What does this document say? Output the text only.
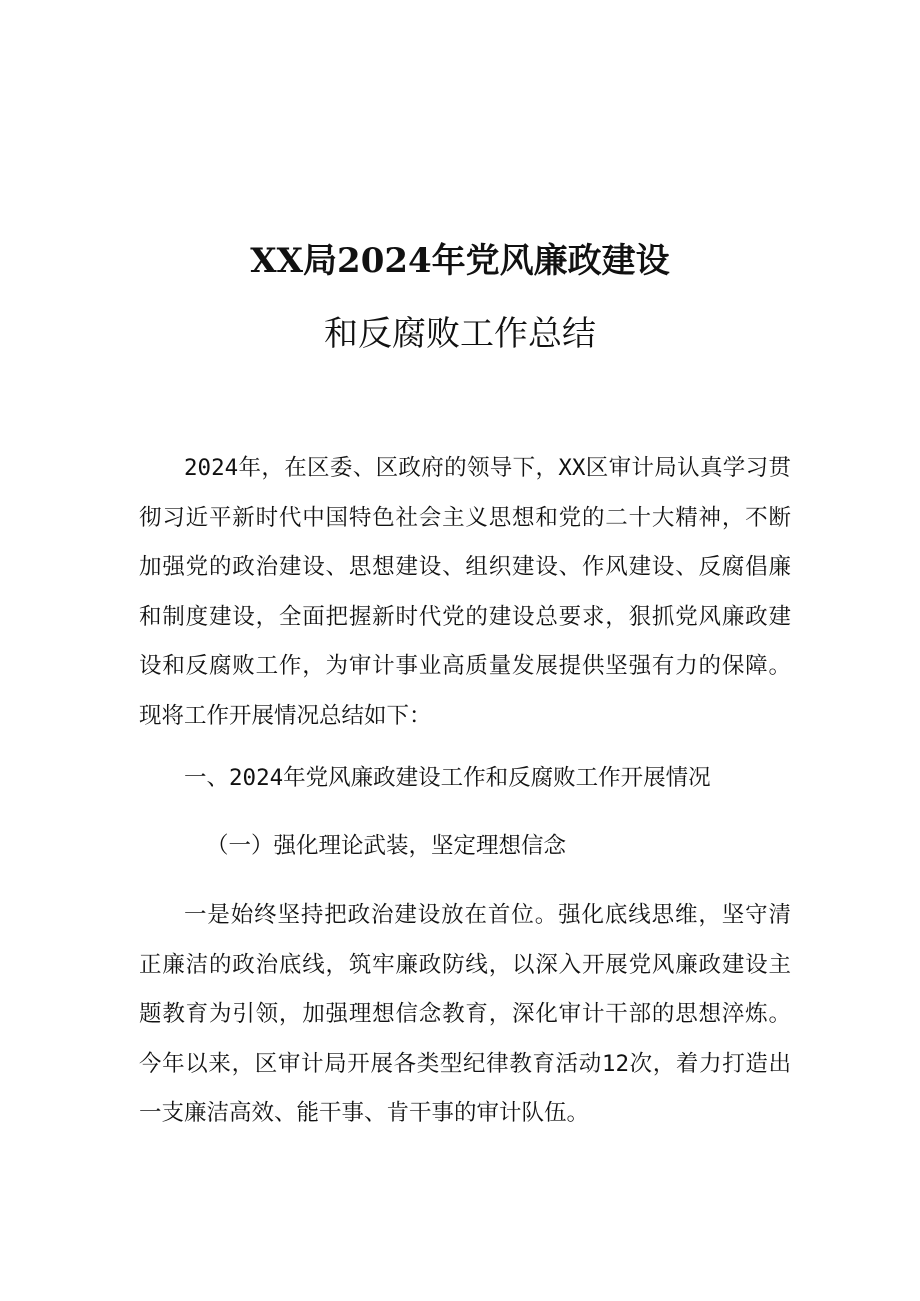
XX局2024年党风廉政建设
和反腐败工作总结

2024年，在区委、区政府的领导下，XX区审计局认真学习贯彻习近平新时代中国特色社会主义思想和党的二十大精神，不断加强党的政治建设、思想建设、组织建设、作风建设、反腐倡廉和制度建设，全面把握新时代党的建设总要求，狠抓党风廉政建设和反腐败工作，为审计事业高质量发展提供坚强有力的保障。现将工作开展情况总结如下：

一、2024年党风廉政建设工作和反腐败工作开展情况

（一）强化理论武装，坚定理想信念

一是始终坚持把政治建设放在首位。强化底线思维，坚守清正廉洁的政治底线，筑牢廉政防线，以深入开展党风廉政建设主题教育为引领，加强理想信念教育，深化审计干部的思想淬炼。今年以来，区审计局开展各类型纪律教育活动12次，着力打造出一支廉洁高效、能干事、肯干事的审计队伍。
